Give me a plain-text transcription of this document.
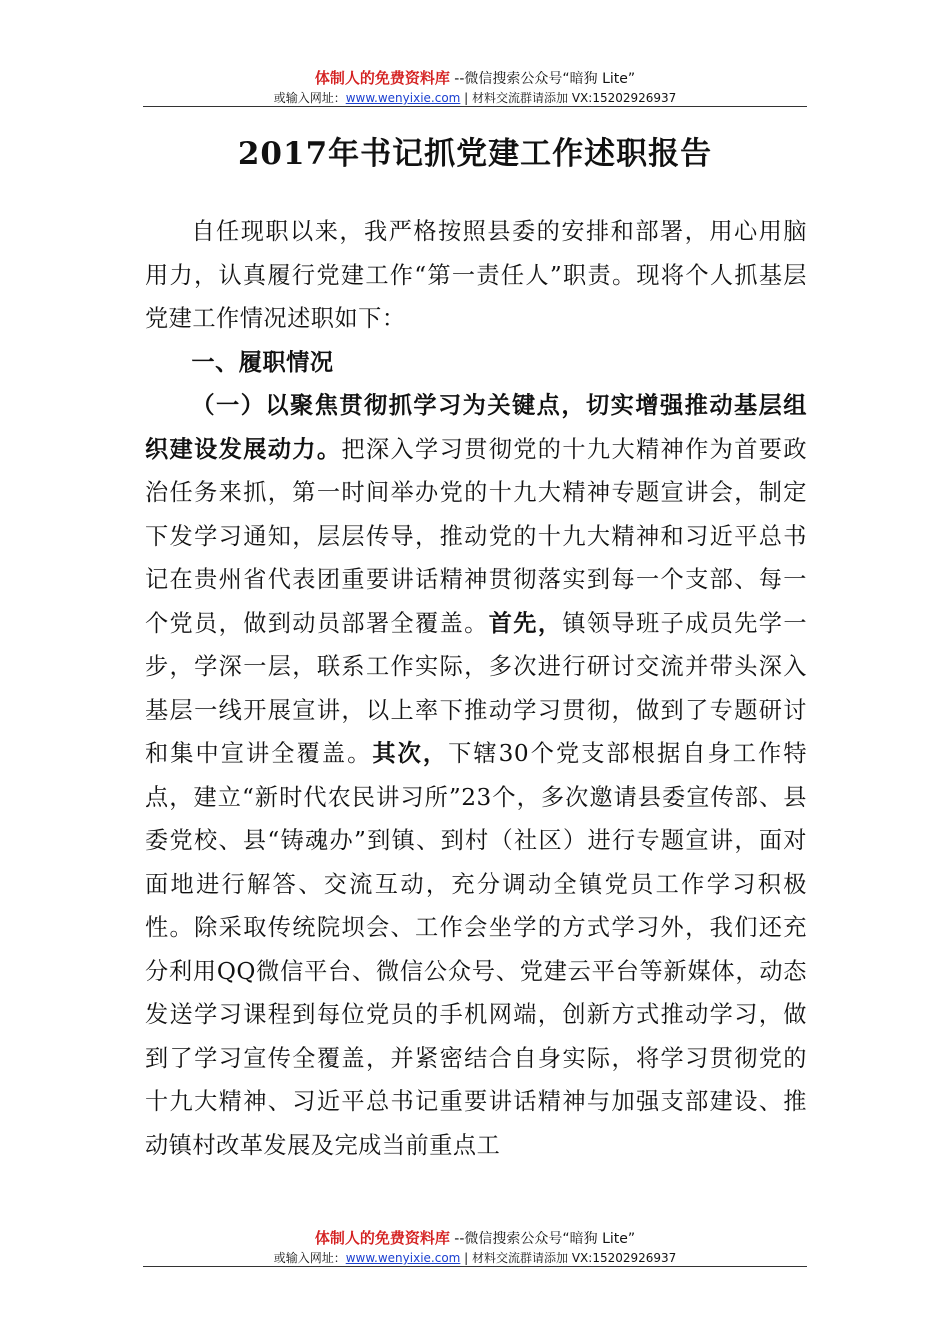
体制人的免费资料库 --微信搜索公众号“暗狗 Lite”
或输入网址：www.wenyixie.com | 材料交流群请添加 VX:15202926937
2017年书记抓党建工作述职报告

自任现职以来，我严格按照县委的安排和部署，用心用脑用力，认真履行党建工作“第一责任人”职责。现将个人抓基层党建工作情况述职如下：

一、履职情况

（一）以聚焦贯彻抓学习为关键点，切实增强推动基层组织建设发展动力。把深入学习贯彻党的十九大精神作为首要政治任务来抓，第一时间举办党的十九大精神专题宣讲会，制定下发学习通知，层层传导，推动党的十九大精神和习近平总书记在贵州省代表团重要讲话精神贯彻落实到每一个支部、每一个党员，做到动员部署全覆盖。首先，镇领导班子成员先学一步，学深一层，联系工作实际，多次进行研讨交流并带头深入基层一线开展宣讲，以上率下推动学习贯彻，做到了专题研讨和集中宣讲全覆盖。其次，下辖30个党支部根据自身工作特点，建立“新时代农民讲习所”23个，多次邀请县委宣传部、县委党校、县“铸魂办”到镇、到村（社区）进行专题宣讲，面对面地进行解答、交流互动，充分调动全镇党员工作学习积极性。除采取传统院坝会、工作会坐学的方式学习外，我们还充分利用QQ微信平台、微信公众号、党建云平台等新媒体，动态发送学习课程到每位党员的手机网端，创新方式推动学习，做到了学习宣传全覆盖，并紧密结合自身实际，将学习贯彻党的十九大精神、习近平总书记重要讲话精神与加强支部建设、推动镇村改革发展及完成当前重点工

体制人的免费资料库 --微信搜索公众号“暗狗 Lite”
或输入网址：www.wenyixie.com | 材料交流群请添加 VX:15202926937
